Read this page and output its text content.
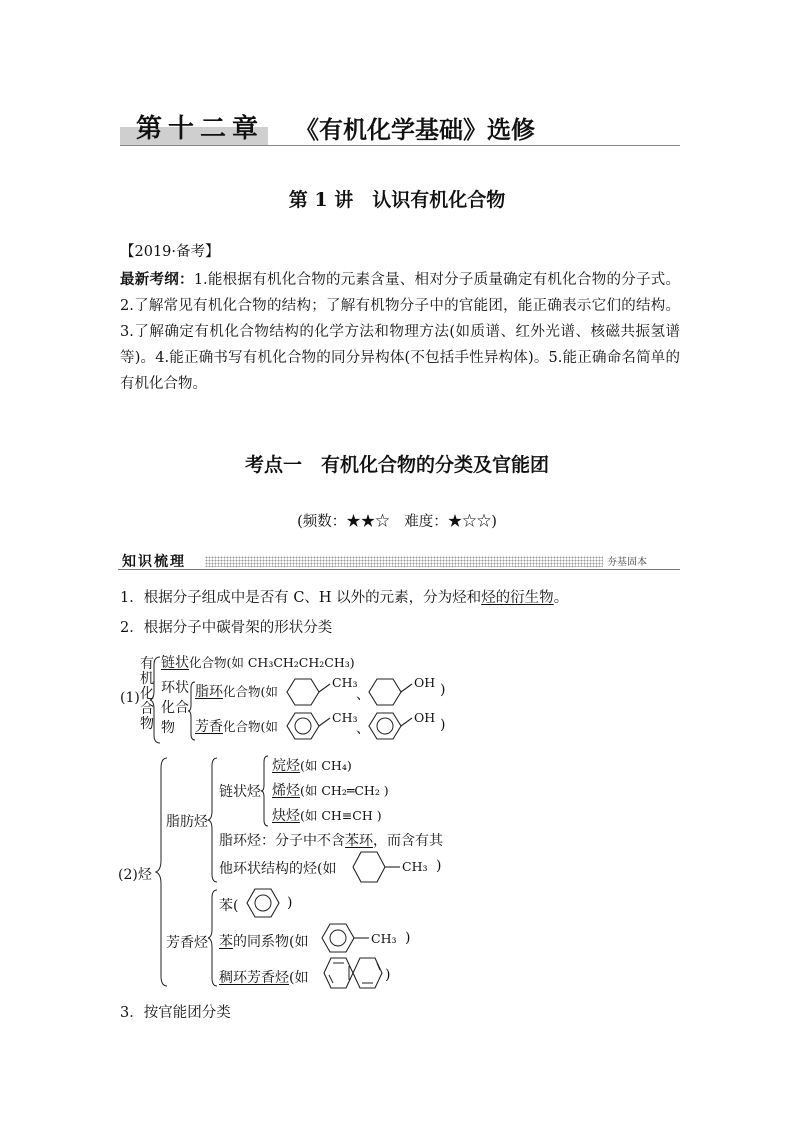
第十二章 《有机化学基础》选修
第 1 讲　认识有机化合物
【2019·备考】
最新考纲：1.能根据有机化合物的元素含量、相对分子质量确定有机化合物的分子式。2.了解常见有机化合物的结构；了解有机物分子中的官能团，能正确表示它们的结构。3.了解确定有机化合物结构的化学方法和物理方法(如质谱、红外光谱、核磁共振氢谱等)。4.能正确书写有机化合物的同分异构体(不包括手性异构体)。5.能正确命名简单的有机化合物。
考点一　有机化合物的分类及官能团
(频数：★★☆　难度：★☆☆)
知识梳理	夯基固本
1．根据分子组成中是否有 C、H 以外的元素，分为烃和烃的衍生物。
2．根据分子中碳骨架的形状分类
(1)
有
机
化
合
物
链状化合物(如 CH₃CH₂CH₂CH₃)
环状
化合
物
脂环化合物(如
芳香化合物(如
CH₃
、
OH )
CH₃
、
OH )
(2)烃
脂肪烃
链状烃
烷烃(如 CH₄)
烯烃(如 CH₂═CH₂ )
炔烃(如 CH≡CH )
脂环烃：分子中不含苯环，而含有其
他环状结构的烃(如	CH₃ )
芳香烃
苯(	)
苯的同系物(如	CH₃ )
稠环芳香烃(如	)
3．按官能团分类
